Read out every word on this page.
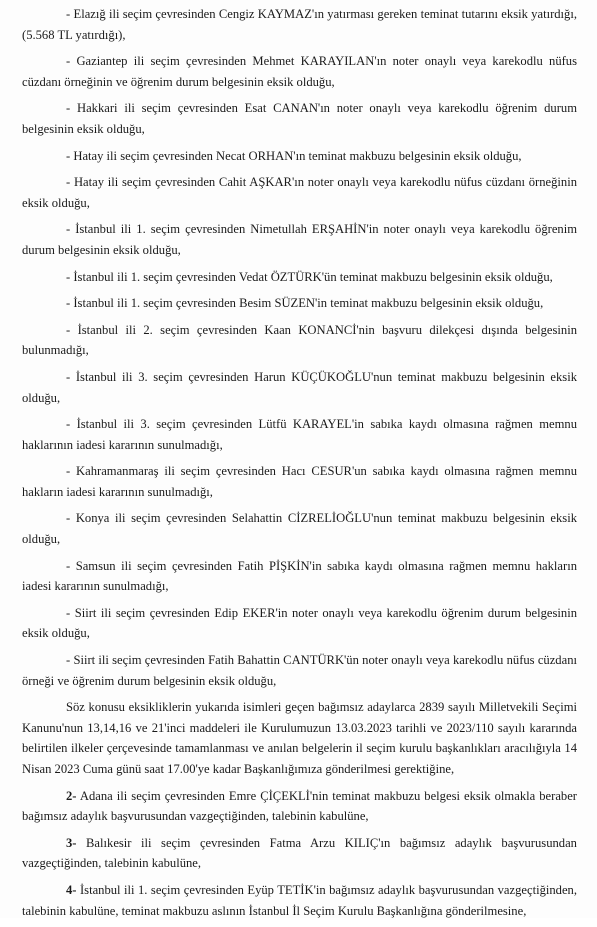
- Elazığ ili seçim çevresinden Cengiz KAYMAZ'ın yatırması gereken teminat tutarını eksik yatırdığı, (5.568 TL yatırdığı),

- Gaziantep ili seçim çevresinden Mehmet KARAYILAN'ın noter onaylı veya karekodlu nüfus cüzdanı örneğinin ve öğrenim durum belgesinin eksik olduğu,

- Hakkari ili seçim çevresinden Esat CANAN'ın noter onaylı veya karekodlu öğrenim durum belgesinin eksik olduğu,

- Hatay ili seçim çevresinden Necat ORHAN'ın teminat makbuzu belgesinin eksik olduğu,

- Hatay ili seçim çevresinden Cahit AŞKAR'ın noter onaylı veya karekodlu nüfus cüzdanı örneğinin eksik olduğu,

- İstanbul ili 1. seçim çevresinden Nimetullah ERŞAHİN'in noter onaylı veya karekodlu öğrenim durum belgesinin eksik olduğu,

- İstanbul ili 1. seçim çevresinden Vedat ÖZTÜRK'ün teminat makbuzu belgesinin eksik olduğu,

- İstanbul ili 1. seçim çevresinden Besim SÜZEN'in teminat makbuzu belgesinin eksik olduğu,

- İstanbul ili 2. seçim çevresinden Kaan KONANCİ'nin başvuru dilekçesi dışında belgesinin bulunmadığı,

- İstanbul ili 3. seçim çevresinden Harun KÜÇÜKOĞLU'nun teminat makbuzu belgesinin eksik olduğu,

- İstanbul ili 3. seçim çevresinden Lütfü KARAYEL'in sabıka kaydı olmasına rağmen memnu haklarının iadesi kararının sunulmadığı,

- Kahramanmaraş ili seçim çevresinden Hacı CESUR'un sabıka kaydı olmasına rağmen memnu hakların iadesi kararının sunulmadığı,

- Konya ili seçim çevresinden Selahattin CİZRELİOĞLU'nun teminat makbuzu belgesinin eksik olduğu,

- Samsun ili seçim çevresinden Fatih PİŞKİN'in sabıka kaydı olmasına rağmen memnu hakların iadesi kararının sunulmadığı,

- Siirt ili seçim çevresinden Edip EKER'in noter onaylı veya karekodlu öğrenim durum belgesinin eksik olduğu,

- Siirt ili seçim çevresinden Fatih Bahattin CANTÜRK'ün noter onaylı veya karekodlu nüfus cüzdanı örneği ve öğrenim durum belgesinin eksik olduğu,

Söz konusu eksikliklerin yukarıda isimleri geçen bağımsız adaylarca 2839 sayılı Milletvekili Seçimi Kanunu'nun 13,14,16 ve 21'inci maddeleri ile Kurulumuzun 13.03.2023 tarihli ve 2023/110 sayılı kararında belirtilen ilkeler çerçevesinde tamamlanması ve anılan belgelerin il seçim kurulu başkanlıkları aracılığıyla 14 Nisan 2023 Cuma günü saat 17.00'ye kadar Başkanlığımıza gönderilmesi gerektiğine,

2- Adana ili seçim çevresinden Emre ÇİÇEKLİ'nin teminat makbuzu belgesi eksik olmakla beraber bağımsız adaylık başvurusundan vazgeçtiğinden, talebinin kabulüne,

3- Balıkesir ili seçim çevresinden Fatma Arzu KILIÇ'ın bağımsız adaylık başvurusundan vazgeçtiğinden, talebinin kabulüne,

4- İstanbul ili 1. seçim çevresinden Eyüp TETİK'in bağımsız adaylık başvurusundan vazgeçtiğinden, talebinin kabulüne, teminat makbuzu aslının İstanbul İl Seçim Kurulu Başkanlığına gönderilmesine,
